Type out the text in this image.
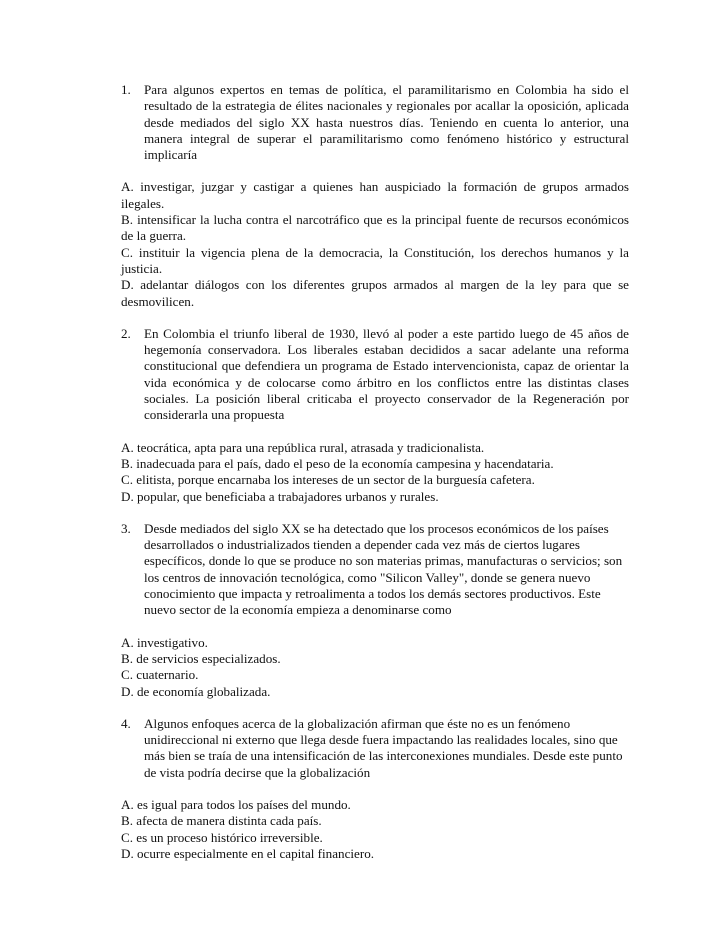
1.	Para algunos expertos en temas de política, el paramilitarismo en Colombia ha sido el resultado de la estrategia de élites nacionales y regionales por acallar la oposición, aplicada desde mediados del siglo XX hasta nuestros días. Teniendo en cuenta lo anterior, una manera integral de superar el paramilitarismo como fenómeno histórico y estructural implicaría

A. investigar, juzgar y castigar a quienes han auspiciado la formación de grupos armados ilegales.

B. intensificar la lucha contra el narcotráfico que es la principal fuente de recursos económicos de la guerra.

C. instituir la vigencia plena de la democracia, la Constitución, los derechos humanos y la justicia.

D. adelantar diálogos con los diferentes grupos armados al margen de la ley para que se desmovilicen.

2.	En Colombia el triunfo liberal de 1930, llevó al poder a este partido luego de 45 años de hegemonía conservadora. Los liberales estaban decididos a sacar adelante una reforma constitucional que defendiera un programa de Estado intervencionista, capaz de orientar la vida económica y de colocarse como árbitro en los conflictos entre las distintas clases sociales. La posición liberal criticaba el proyecto conservador de la Regeneración por considerarla una propuesta

A. teocrática, apta para una república rural, atrasada y tradicionalista.

B. inadecuada para el país, dado el peso de la economía campesina y hacendataria.

C. elitista, porque encarnaba los intereses de un sector de la burguesía cafetera.

D. popular, que beneficiaba a trabajadores urbanos y rurales.

3.	Desde mediados del siglo XX se ha detectado que los procesos económicos de los países desarrollados o industrializados tienden a depender cada vez más de ciertos lugares específicos, donde lo que se produce no son materias primas, manufacturas o servicios; son los centros de innovación tecnológica, como "Silicon Valley", donde se genera nuevo conocimiento que impacta y retroalimenta a todos los demás sectores productivos. Este nuevo sector de la economía empieza a denominarse como

A. investigativo.

B. de servicios especializados.

C. cuaternario.

D. de economía globalizada.

4.	Algunos enfoques acerca de la globalización afirman que éste no es un fenómeno unidireccional ni externo que llega desde fuera impactando las realidades locales, sino que más bien se traía de una intensificación de las interconexiones mundiales. Desde este punto de vista podría decirse que la globalización

A. es igual para todos los países del mundo.

B. afecta de manera distinta cada país.

C. es un proceso histórico irreversible.

D. ocurre especialmente en el capital financiero.
